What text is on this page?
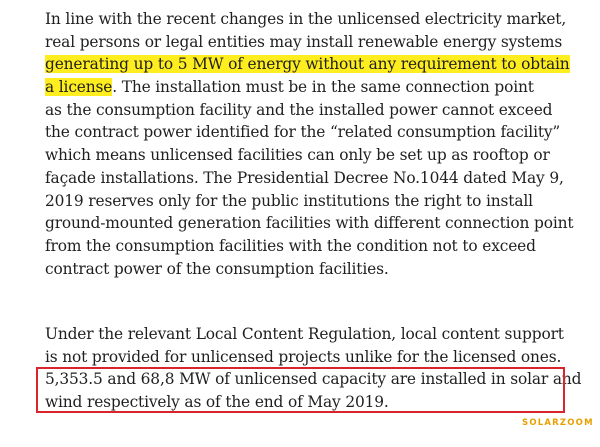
In line with the recent changes in the unlicensed electricity market,
real persons or legal entities may install renewable energy systems
generating up to 5 MW of energy without any requirement to obtain
a license. The installation must be in the same connection point
as the consumption facility and the installed power cannot exceed
the contract power identified for the “related consumption facility”
which means unlicensed facilities can only be set up as rooftop or
façade installations. The Presidential Decree No.1044 dated May 9,
2019 reserves only for the public institutions the right to install
ground-mounted generation facilities with different connection point
from the consumption facilities with the condition not to exceed
contract power of the consumption facilities.

Under the relevant Local Content Regulation, local content support
is not provided for unlicensed projects unlike for the licensed ones.
5,353.5 and 68,8 MW of unlicensed capacity are installed in solar and
wind respectively as of the end of May 2019.

SOLARZOOM
